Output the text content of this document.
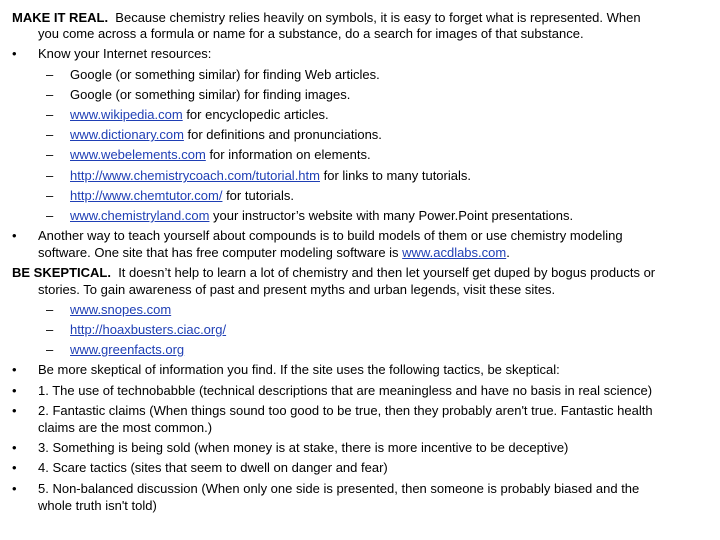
MAKE IT REAL. Because chemistry relies heavily on symbols, it is easy to forget what is represented. When
you come across a formula or name for a substance, do a search for images of that substance.
• Know your Internet resources:
– Google (or something similar) for finding Web articles.
– Google (or something similar) for finding images.
– www.wikipedia.com for encyclopedic articles.
– www.dictionary.com for definitions and pronunciations.
– www.webelements.com for information on elements.
– http://www.chemistrycoach.com/tutorial.htm for links to many tutorials.
– http://www.chemtutor.com/ for tutorials.
– www.chemistryland.com your instructor’s website with many Power.Point presentations.
• Another way to teach yourself about compounds is to build models of them or use chemistry modeling
software. One site that has free computer modeling software is www.acdlabs.com.
BE SKEPTICAL.  It doesn’t help to learn a lot of chemistry and then let yourself get duped by bogus products or
stories. To gain awareness of past and present myths and urban legends, visit these sites.
– www.snopes.com
– http://hoaxbusters.ciac.org/
– www.greenfacts.org
• Be more skeptical of information you find. If the site uses the following tactics, be skeptical:
• 1. The use of technobabble (technical descriptions that are meaningless and have no basis in real science)
• 2. Fantastic claims (When things sound too good to be true, then they probably aren't true. Fantastic health
claims are the most common.)
• 3. Something is being sold (when money is at stake, there is more incentive to be deceptive)
• 4. Scare tactics (sites that seem to dwell on danger and fear)
• 5. Non-balanced discussion (When only one side is presented, then someone is probably biased and the
whole truth isn't told)
